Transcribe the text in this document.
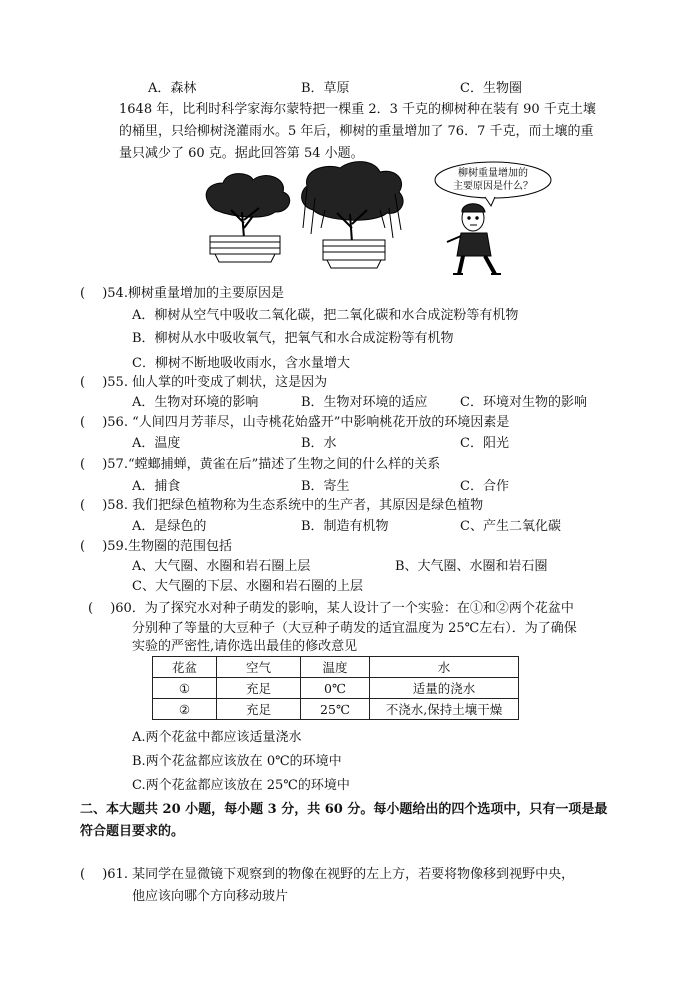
A．森林	B．草原	C．生物圈
1648 年，比利时科学家海尔蒙特把一棵重 2．3 千克的柳树种在装有 90 千克土壤
的桶里，只给柳树浇灌雨水。5 年后，柳树的重量增加了 76．7 千克，而土壤的重
量只减少了 60 克。据此回答第 54 小题。
柳树重量增加的
主要原因是什么？
(　 )54.柳树重量增加的主要原因是
A．柳树从空气中吸收二氧化碳，把二氧化碳和水合成淀粉等有机物
B．柳树从水中吸收氧气，把氧气和水合成淀粉等有机物
C．柳树不断地吸收雨水，含水量增大
(　 )55. 仙人掌的叶变成了刺状，这是因为
A．生物对环境的影响	B．生物对环境的适应 C．环境对生物的影响
(　 )56. “人间四月芳菲尽，山寺桃花始盛开”中影响桃花开放的环境因素是
A．温度	B．水	C．阳光
(　 )57.“螳螂捕蝉，黄雀在后”描述了生物之间的什么样的关系
A．捕食	B．寄生	C．合作
(　 )58. 我们把绿色植物称为生态系统中的生产者，其原因是绿色植物
A．是绿色的	B．制造有机物	C、产生二氧化碳
(　 )59.生物圈的范围包括
A、大气圈、水圈和岩石圈上层	B、大气圈、水圈和岩石圈
C、大气圈的下层、水圈和岩石圈的上层
(　 )60．为了探究水对种子萌发的影响，某人设计了一个实验：在①和②两个花盆中
分别种了等量的大豆种子（大豆种子萌发的适宜温度为 25℃左右）．为了确保
实验的严密性,请你选出最佳的修改意见
花盆	空气	温度	水
①	充足	0℃	适量的浇水
②	充足	25℃	不浇水,保持土壤干燥
A.两个花盆中都应该适量浇水
B.两个花盆都应该放在 0℃的环境中
C.两个花盆都应该放在 25℃的环境中
二、本大题共 20 小题，每小题 3 分，共 60 分。每小题给出的四个选项中，只有一项是最
符合题目要求的。
(　 )61. 某同学在显微镜下观察到的物像在视野的左上方，若要将物像移到视野中央，
他应该向哪个方向移动玻片
